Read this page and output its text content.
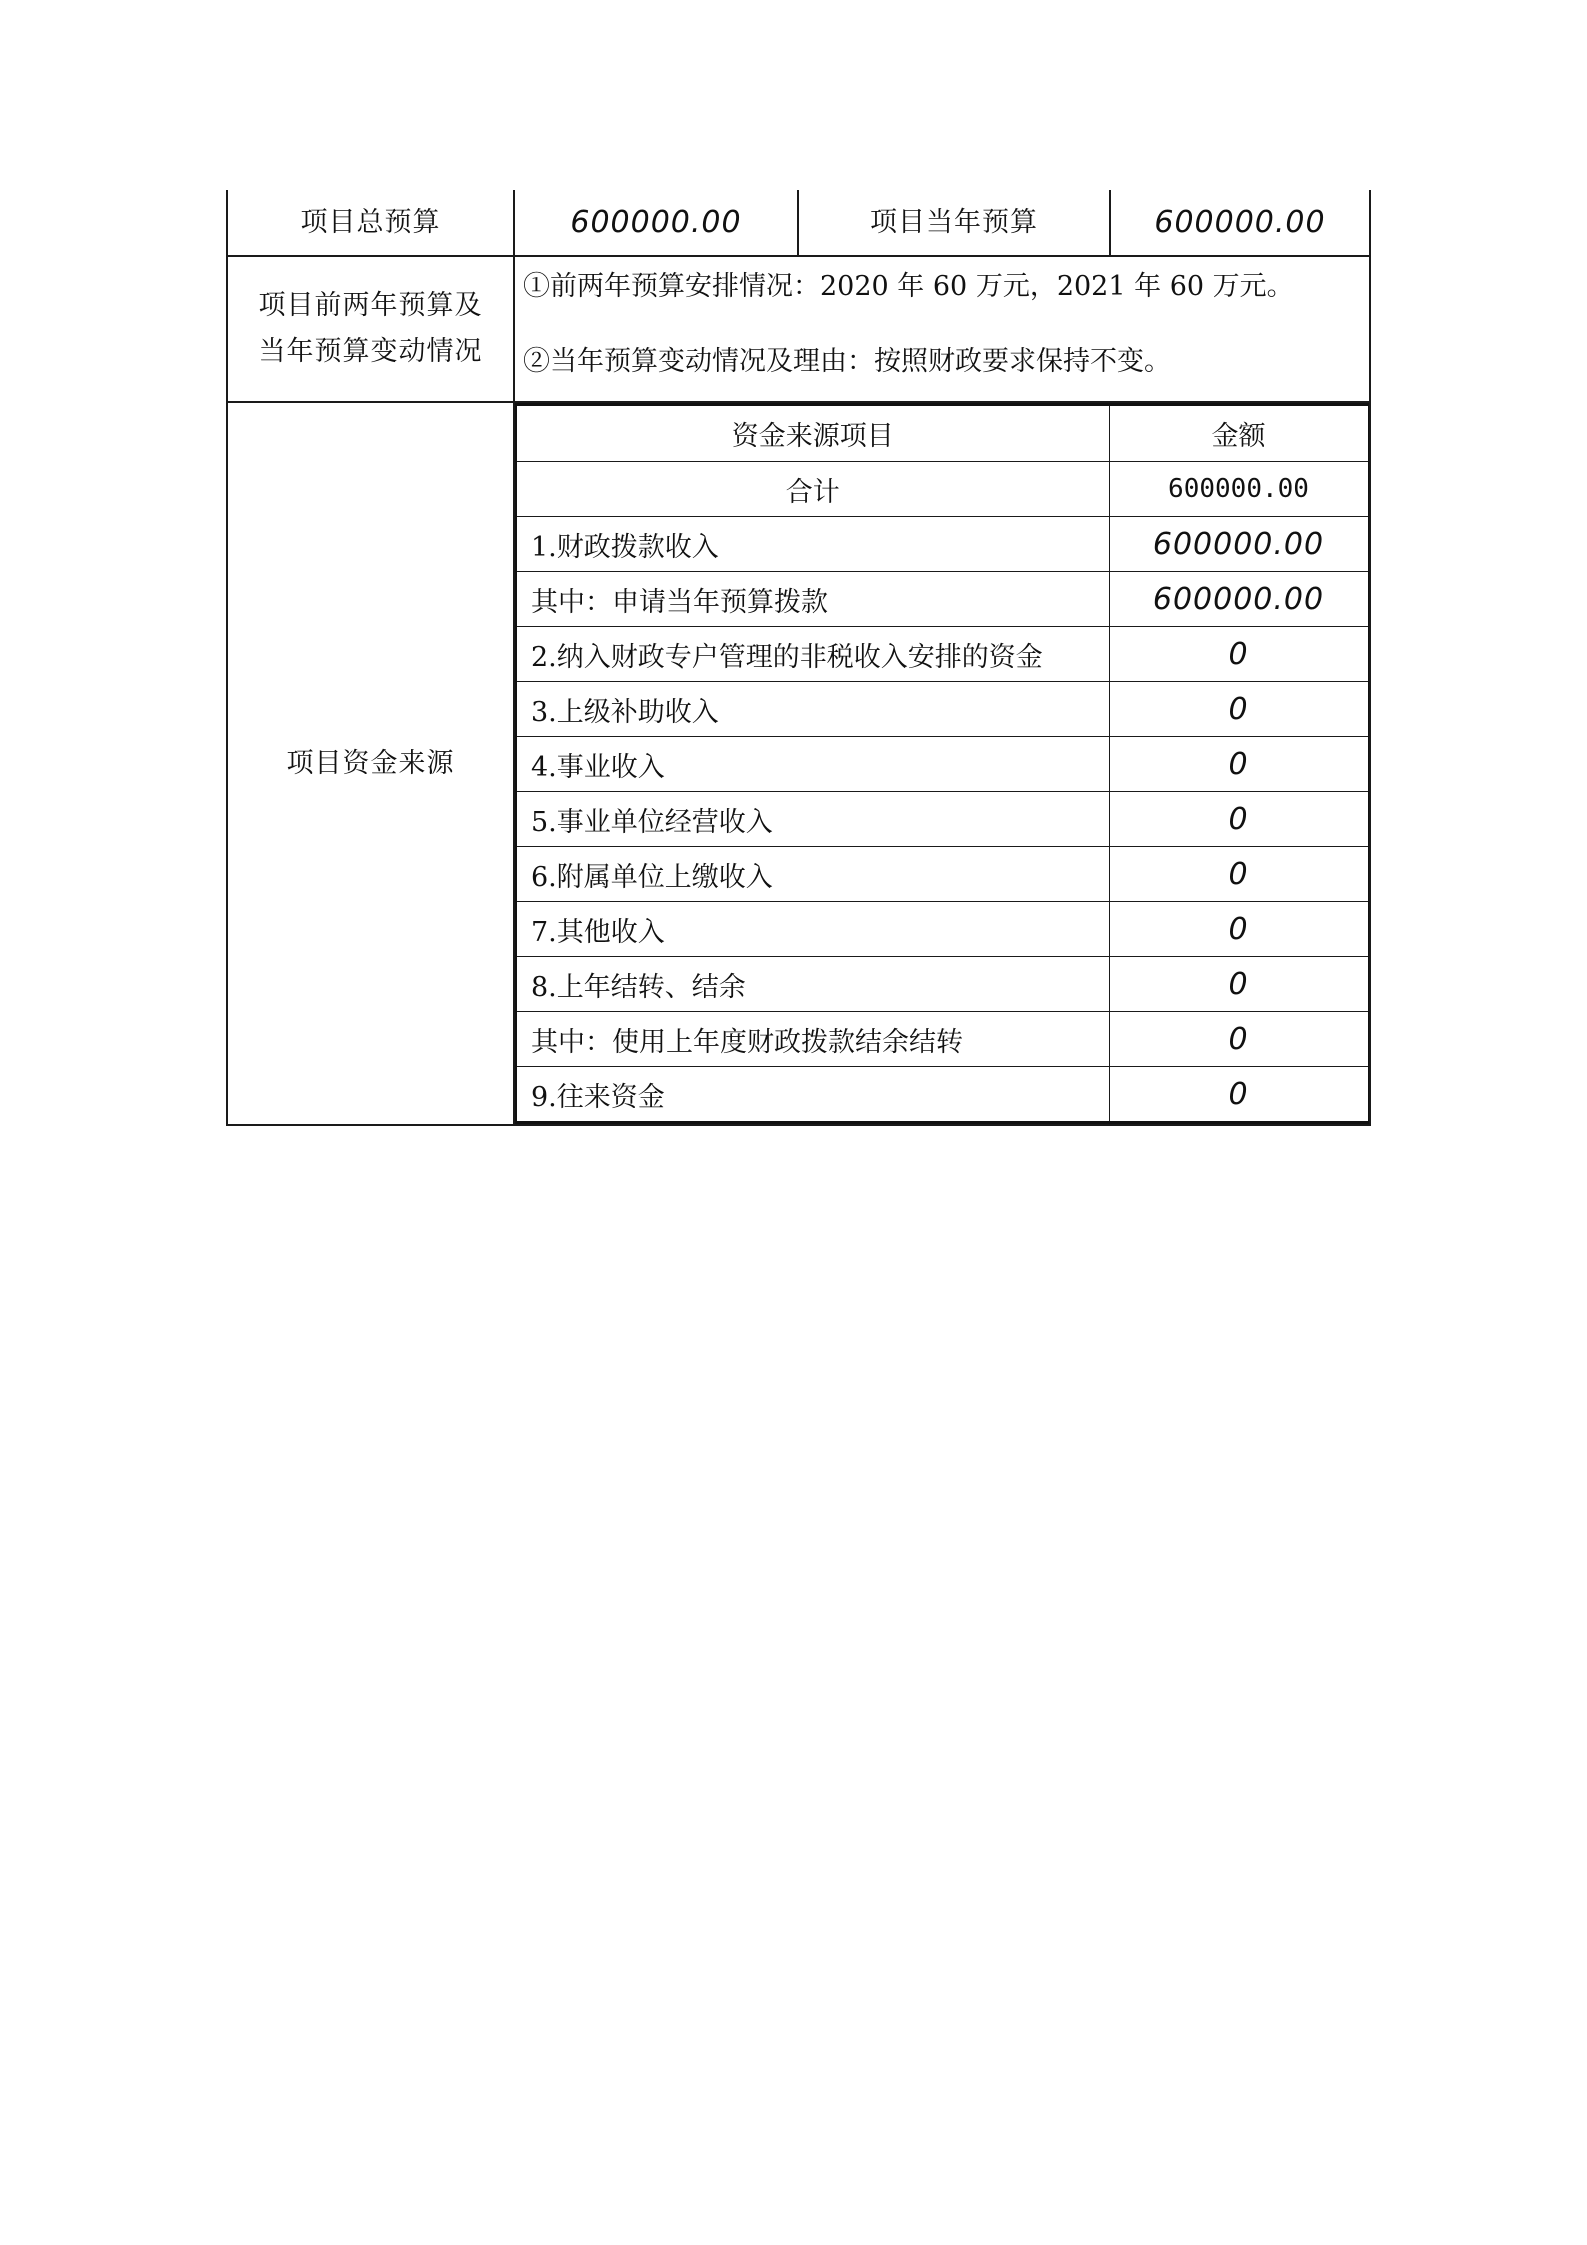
项目总预算	600000.00	项目当年预算	600000.00

项目前两年预算及
当年预算变动情况

①前两年预算安排情况：2020 年 60 万元，2021 年 60 万元。
②当年预算变动情况及理由：按照财政要求保持不变。

项目资金来源	
资金来源项目	金额
合计	600000.00
1.财政拨款收入	600000.00
其中：申请当年预算拨款	600000.00
2.纳入财政专户管理的非税收入安排的资金	0
3.上级补助收入	0
4.事业收入	0
5.事业单位经营收入	0
6.附属单位上缴收入	0
7.其他收入	0
8.上年结转、结余	0
其中：使用上年度财政拨款结余结转	0
9.往来资金	0
